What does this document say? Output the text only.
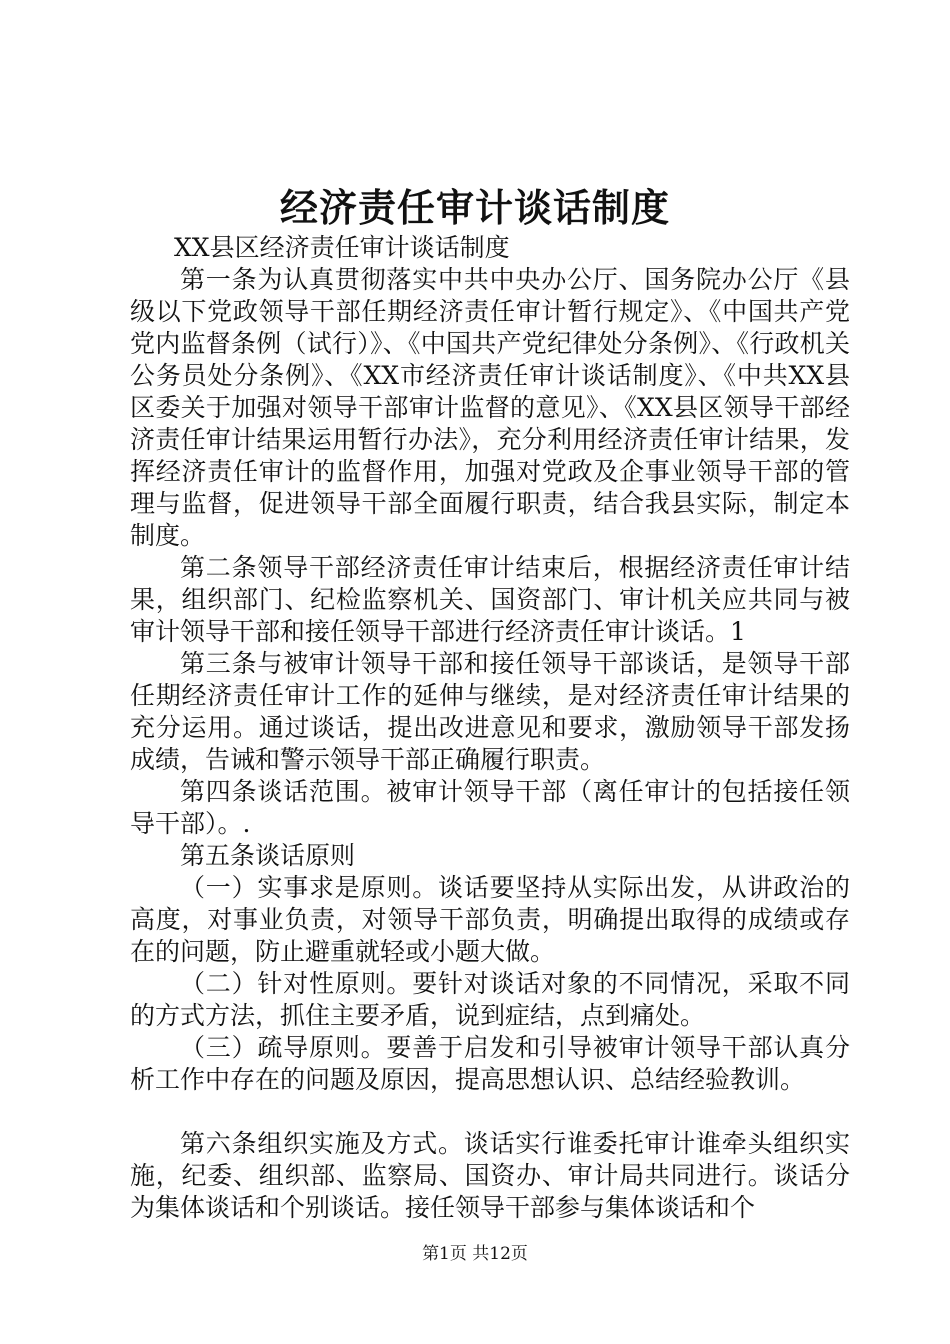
经济责任审计谈话制度

XX县区经济责任审计谈话制度

第一条为认真贯彻落实中共中央办公厅、国务院办公厅《县级以下党政领导干部任期经济责任审计暂行规定》、《中国共产党党内监督条例（试行）》、《中国共产党纪律处分条例》、《行政机关公务员处分条例》、《XX市经济责任审计谈话制度》、《中共XX县区委关于加强对领导干部审计监督的意见》、《XX县区领导干部经济责任审计结果运用暂行办法》，充分利用经济责任审计结果，发挥经济责任审计的监督作用，加强对党政及企事业领导干部的管理与监督，促进领导干部全面履行职责，结合我县实际，制定本制度。

第二条领导干部经济责任审计结束后，根据经济责任审计结果，组织部门、纪检监察机关、国资部门、审计机关应共同与被审计领导干部和接任领导干部进行经济责任审计谈话。1

第三条与被审计领导干部和接任领导干部谈话，是领导干部任期经济责任审计工作的延伸与继续，是对经济责任审计结果的充分运用。通过谈话，提出改进意见和要求，激励领导干部发扬成绩，告诫和警示领导干部正确履行职责。

第四条谈话范围。被审计领导干部（离任审计的包括接任领导干部）。.

第五条谈话原则

（一）实事求是原则。谈话要坚持从实际出发，从讲政治的高度，对事业负责，对领导干部负责，明确提出取得的成绩或存在的问题，防止避重就轻或小题大做。

（二）针对性原则。要针对谈话对象的不同情况，采取不同的方式方法，抓住主要矛盾，说到症结，点到痛处。

（三）疏导原则。要善于启发和引导被审计领导干部认真分析工作中存在的问题及原因，提高思想认识、总结经验教训。

第六条组织实施及方式。谈话实行谁委托审计谁牵头组织实施，纪委、组织部、监察局、国资办、审计局共同进行。谈话分为集体谈话和个别谈话。接任领导干部参与集体谈话和个

第1页 共12页
